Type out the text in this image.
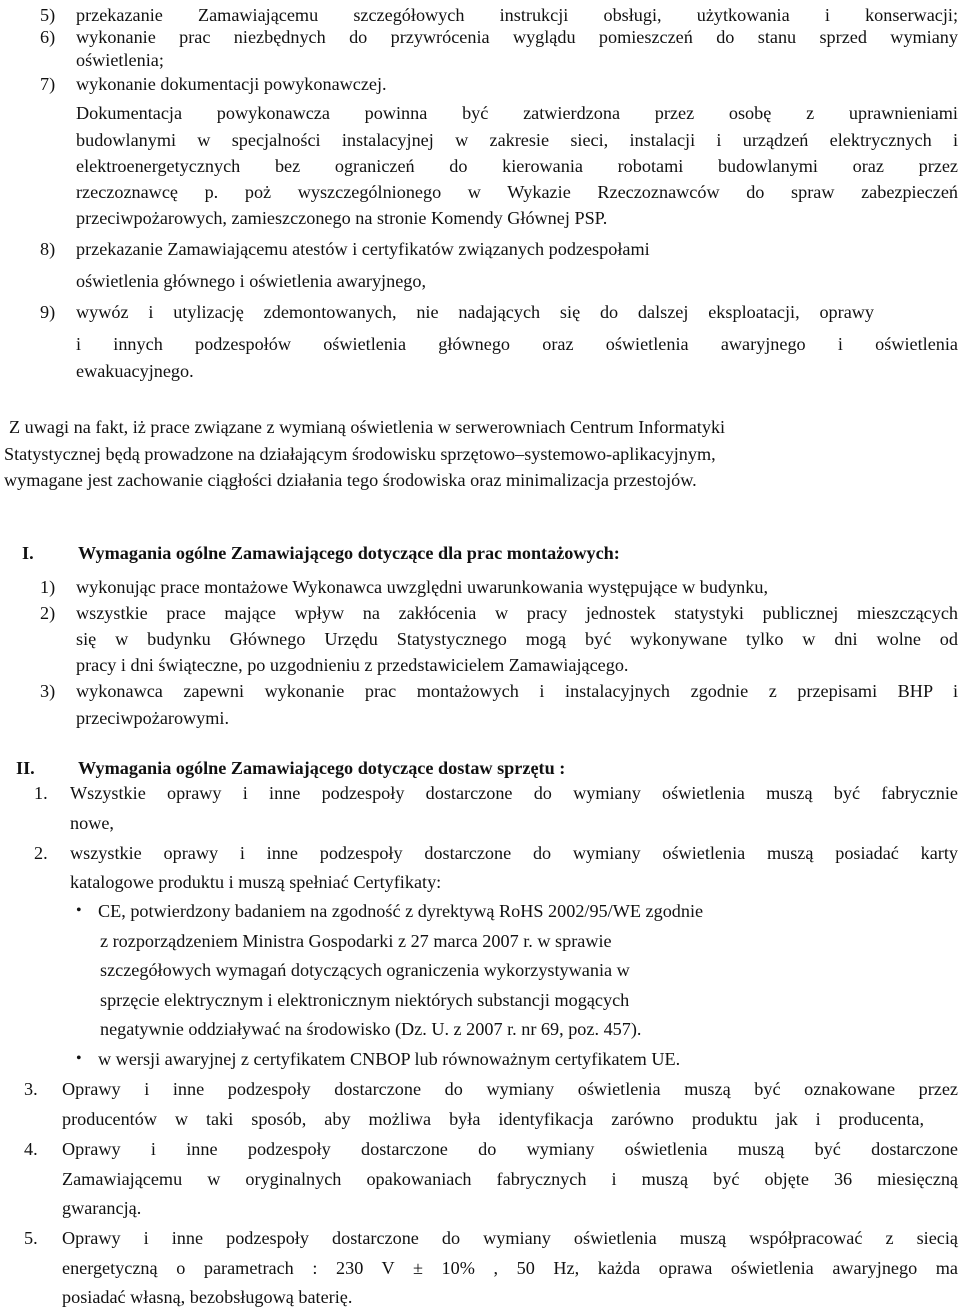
5) przekazanie Zamawiającemu szczegółowych instrukcji obsługi, użytkowania i konserwacji;
6) wykonanie prac niezbędnych do przywrócenia wyglądu pomieszczeń do stanu sprzed wymiany
oświetlenia;
7) wykonanie dokumentacji powykonawczej.
Dokumentacja powykonawcza powinna być zatwierdzona przez osobę z uprawnieniami
budowlanymi w specjalności instalacyjnej w zakresie sieci, instalacji i urządzeń elektrycznych i
elektroenergetycznych bez ograniczeń do kierowania robotami budowlanymi oraz przez
rzeczoznawcę p. poż wyszczególnionego w Wykazie Rzeczoznawców do spraw zabezpieczeń
przeciwpożarowych, zamieszczonego na stronie Komendy Głównej PSP.
8) przekazanie Zamawiającemu atestów i certyfikatów związanych podzespołami
oświetlenia głównego i oświetlenia awaryjnego,
9) wywóz i utylizację zdemontowanych, nie nadających się do dalszej eksploatacji, oprawy
i innych podzespołów oświetlenia głównego oraz oświetlenia awaryjnego i oświetlenia
ewakuacyjnego.
Z uwagi na fakt, iż prace związane z wymianą oświetlenia w serwerowniach Centrum Informatyki
Statystycznej będą prowadzone na działającym środowisku sprzętowo–systemowo-aplikacyjnym,
wymagane jest zachowanie ciągłości działania tego środowiska oraz minimalizacja przestojów.
I. Wymagania ogólne Zamawiającego dotyczące dla prac montażowych:
1) wykonując prace montażowe Wykonawca uwzględni uwarunkowania występujące w budynku,
2) wszystkie prace mające wpływ na zakłócenia w pracy jednostek statystyki publicznej mieszczących
się w budynku Głównego Urzędu Statystycznego mogą być wykonywane tylko w dni wolne od
pracy i dni świąteczne, po uzgodnieniu z przedstawicielem Zamawiającego.
3) wykonawca zapewni wykonanie prac montażowych i instalacyjnych zgodnie z przepisami BHP i
przeciwpożarowymi.
II. Wymagania ogólne Zamawiającego dotyczące dostaw sprzętu :
1. Wszystkie oprawy i inne podzespoły dostarczone do wymiany oświetlenia muszą być fabrycznie
nowe,
2. wszystkie oprawy i inne podzespoły dostarczone do wymiany oświetlenia muszą posiadać karty
katalogowe produktu i muszą spełniać Certyfikaty:
• CE, potwierdzony badaniem na zgodność z dyrektywą RoHS 2002/95/WE zgodnie
z rozporządzeniem Ministra Gospodarki z 27 marca 2007 r. w sprawie
szczegółowych wymagań dotyczących ograniczenia wykorzystywania w
sprzęcie elektrycznym i elektronicznym niektórych substancji mogących
negatywnie oddziaływać na środowisko (Dz. U. z 2007 r. nr 69, poz. 457).
• w wersji awaryjnej z certyfikatem CNBOP lub równoważnym certyfikatem UE.
3. Oprawy i inne podzespoły dostarczone do wymiany oświetlenia muszą być oznakowane przez
producentów w taki sposób, aby możliwa była identyfikacja zarówno produktu jak i producenta,
4. Oprawy i inne podzespoły dostarczone do wymiany oświetlenia muszą być dostarczone
Zamawiającemu w oryginalnych opakowaniach fabrycznych i muszą być objęte 36 miesięczną
gwarancją.
5. Oprawy i inne podzespoły dostarczone do wymiany oświetlenia muszą współpracować z siecią
energetyczną o parametrach : 230 V ± 10% , 50 Hz, każda oprawa oświetlenia awaryjnego ma
posiadać własną, bezobsługową baterię.
